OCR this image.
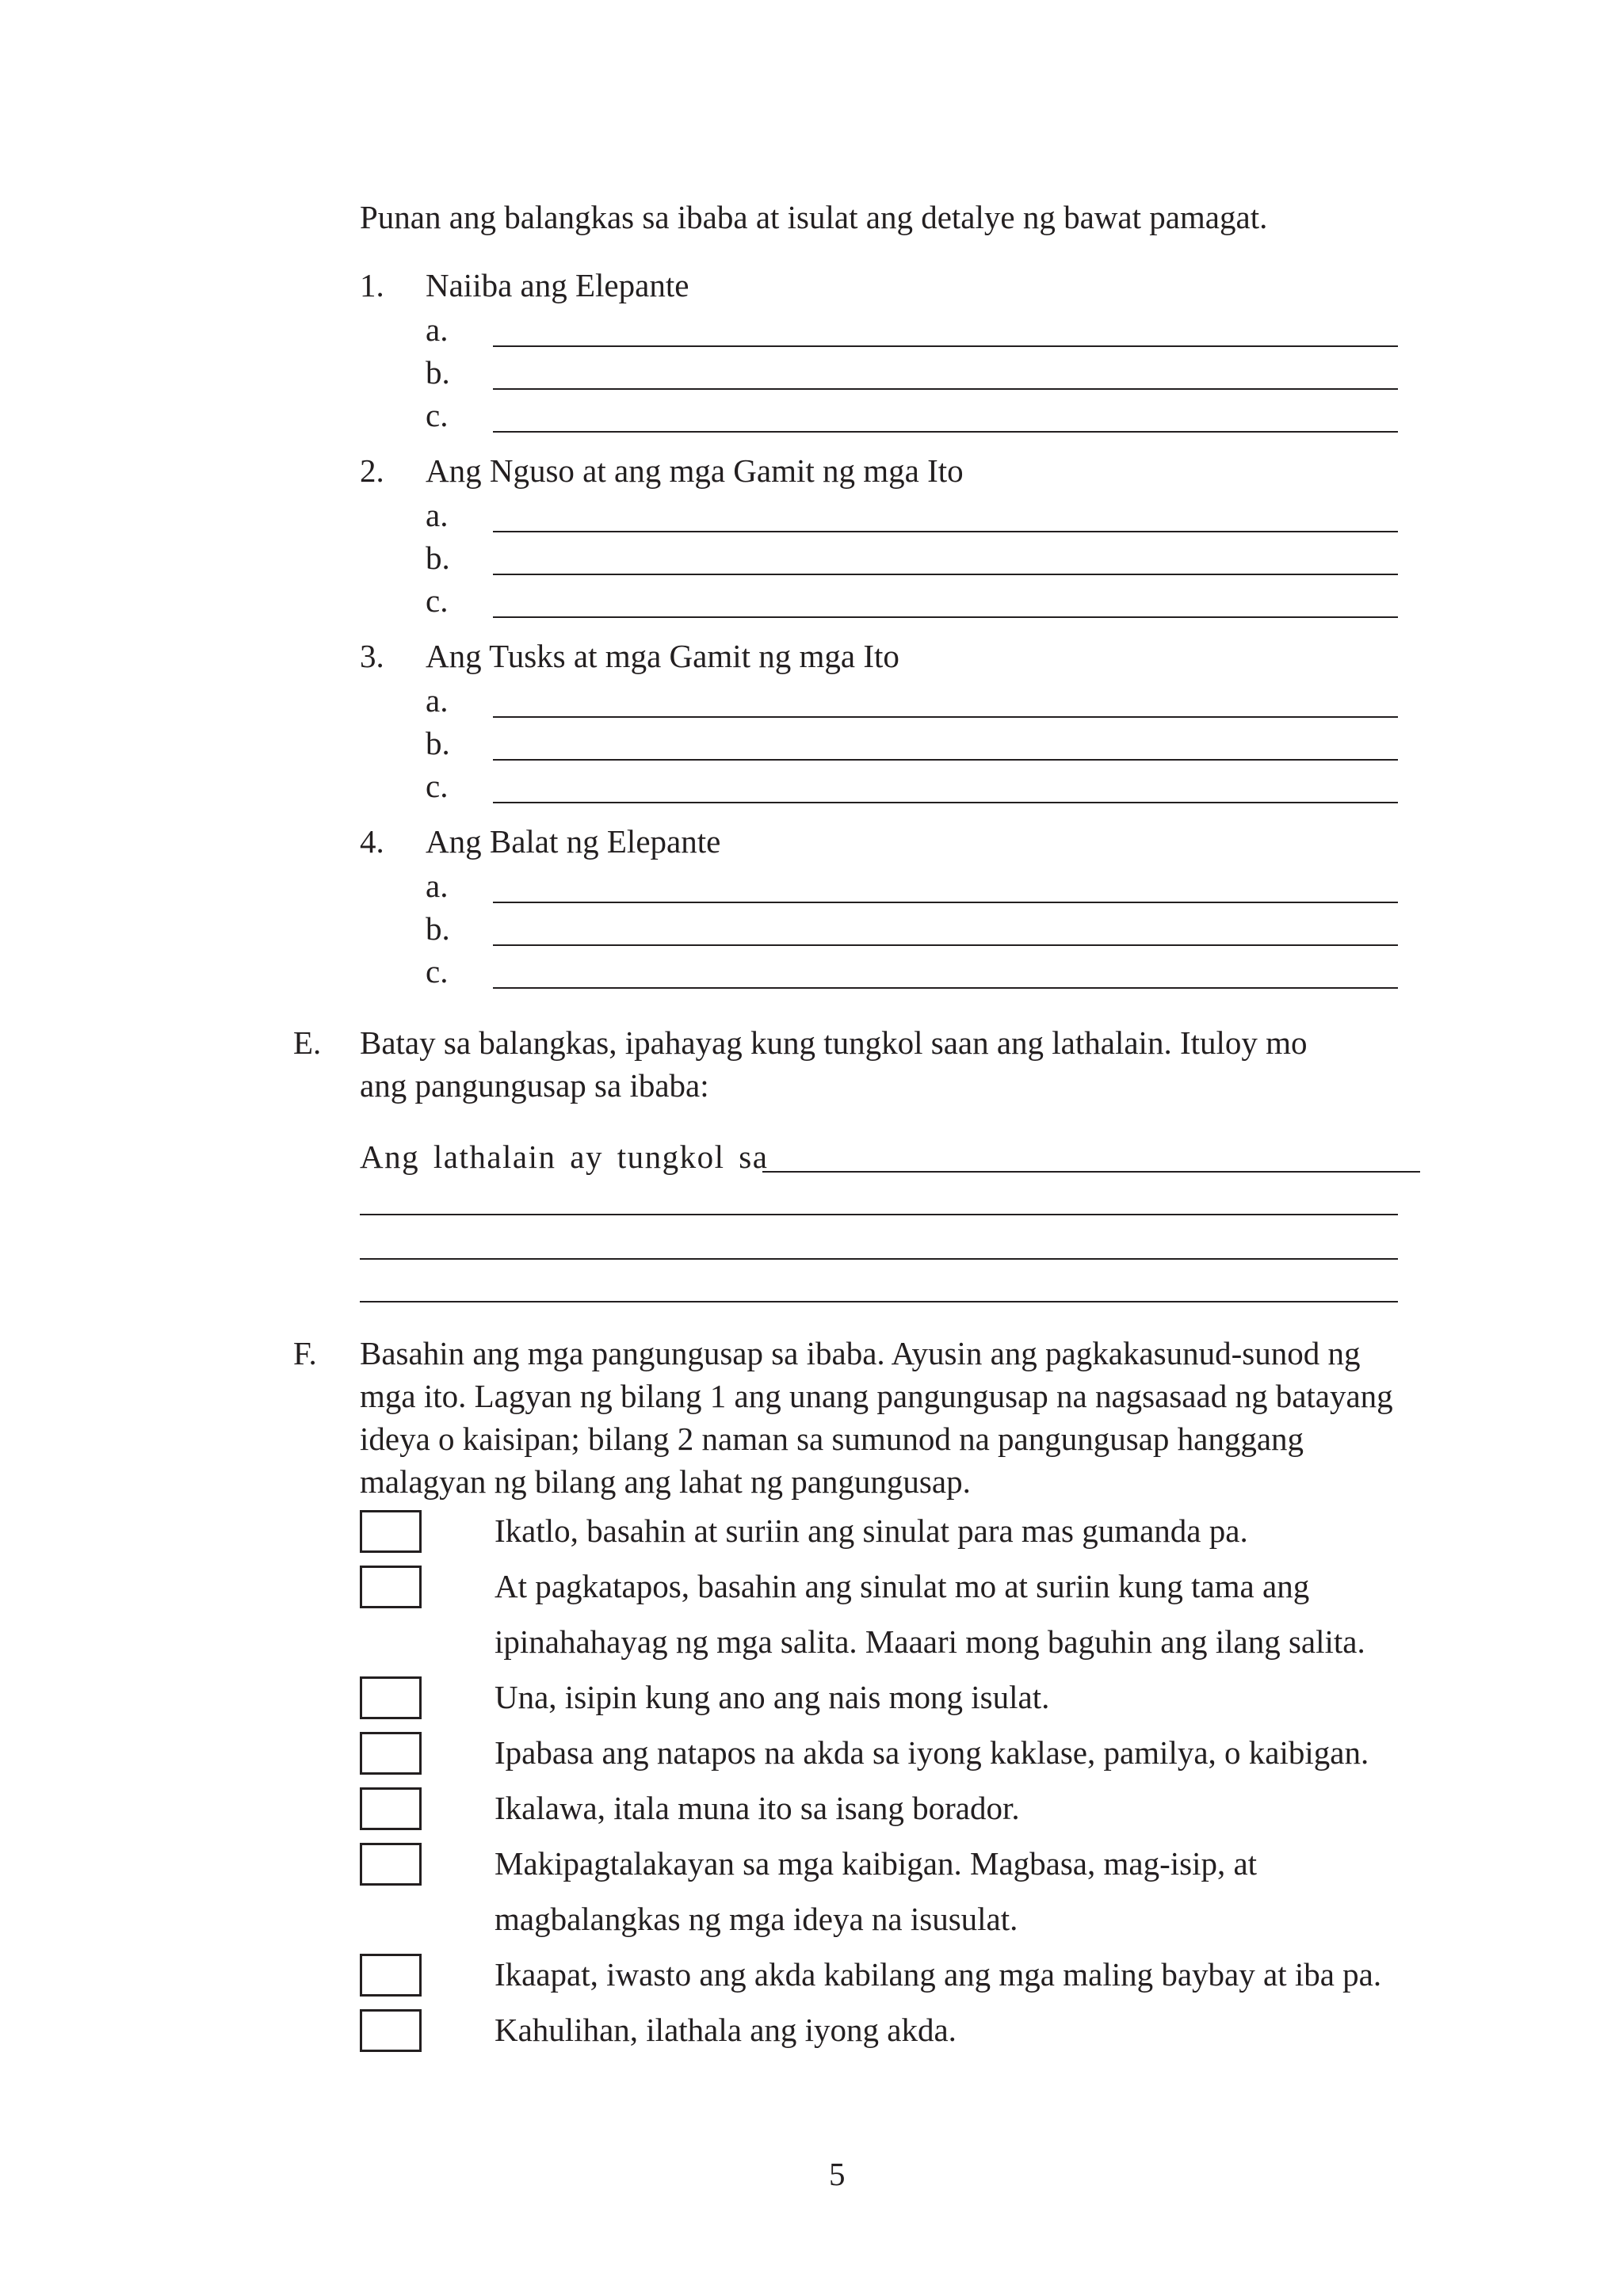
Punan ang balangkas sa ibaba at isulat ang detalye ng bawat pamagat.
1. Naiiba ang Elepante
a.
b.
c.
2. Ang Nguso at ang mga Gamit ng mga Ito
a.
b.
c.
3. Ang Tusks at mga Gamit ng mga Ito
a.
b.
c.
4. Ang Balat ng Elepante
a.
b.
c.
E. Batay sa balangkas, ipahayag kung tungkol saan ang lathalain. Ituloy mo
ang pangungusap sa ibaba:
Ang lathalain ay tungkol sa
F. Basahin ang mga pangungusap sa ibaba. Ayusin ang pagkakasunud-sunod ng
mga ito. Lagyan ng bilang 1 ang unang pangungusap na nagsasaad ng batayang
ideya o kaisipan; bilang 2 naman sa sumunod na pangungusap hanggang
malagyan ng bilang ang lahat ng pangungusap.
Ikatlo, basahin at suriin ang sinulat para mas gumanda pa.
At pagkatapos, basahin ang sinulat mo at suriin kung tama ang
ipinahahayag ng mga salita. Maaari mong baguhin ang ilang salita.
Una, isipin kung ano ang nais mong isulat.
Ipabasa ang natapos na akda sa iyong kaklase, pamilya, o kaibigan.
Ikalawa, itala muna ito sa isang borador.
Makipagtalakayan sa mga kaibigan. Magbasa, mag-isip, at
magbalangkas ng mga ideya na isusulat.
Ikaapat, iwasto ang akda kabilang ang mga maling baybay at iba pa.
Kahulihan, ilathala ang iyong akda.
5
